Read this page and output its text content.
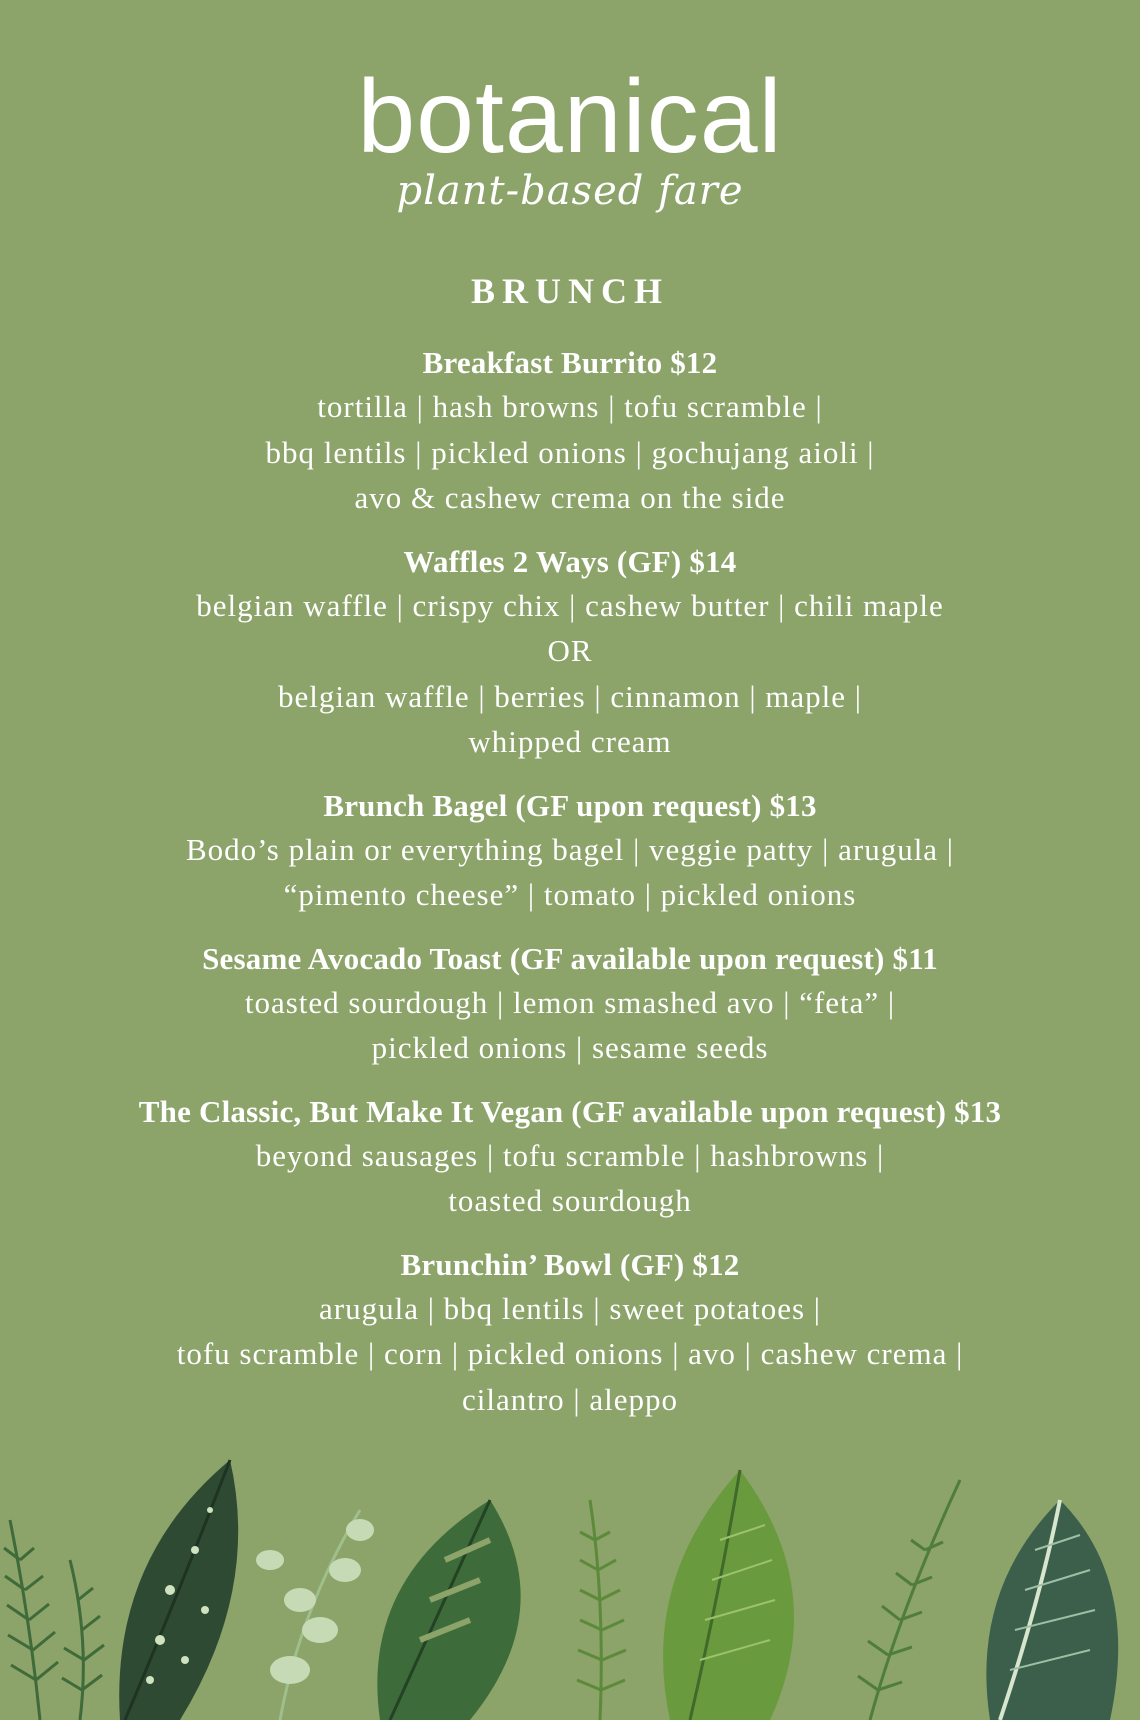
botanical
plant-based fare
BRUNCH
Breakfast Burrito $12
tortilla | hash browns | tofu scramble |
bbq lentils | pickled onions | gochujang aioli |
avo & cashew crema on the side
Waffles 2 Ways (GF) $14
belgian waffle | crispy chix | cashew butter | chili maple
OR
belgian waffle | berries | cinnamon | maple |
whipped cream
Brunch Bagel (GF upon request) $13
Bodo’s plain or everything bagel | veggie patty | arugula |
“pimento cheese” | tomato | pickled onions
Sesame Avocado Toast (GF available upon request) $11
toasted sourdough | lemon smashed avo | “feta” |
pickled onions | sesame seeds
The Classic, But Make It Vegan (GF available upon request) $13
beyond sausages | tofu scramble | hashbrowns |
toasted sourdough
Brunchin’ Bowl (GF) $12
arugula | bbq lentils | sweet potatoes |
tofu scramble | corn | pickled onions | avo | cashew crema |
cilantro | aleppo
